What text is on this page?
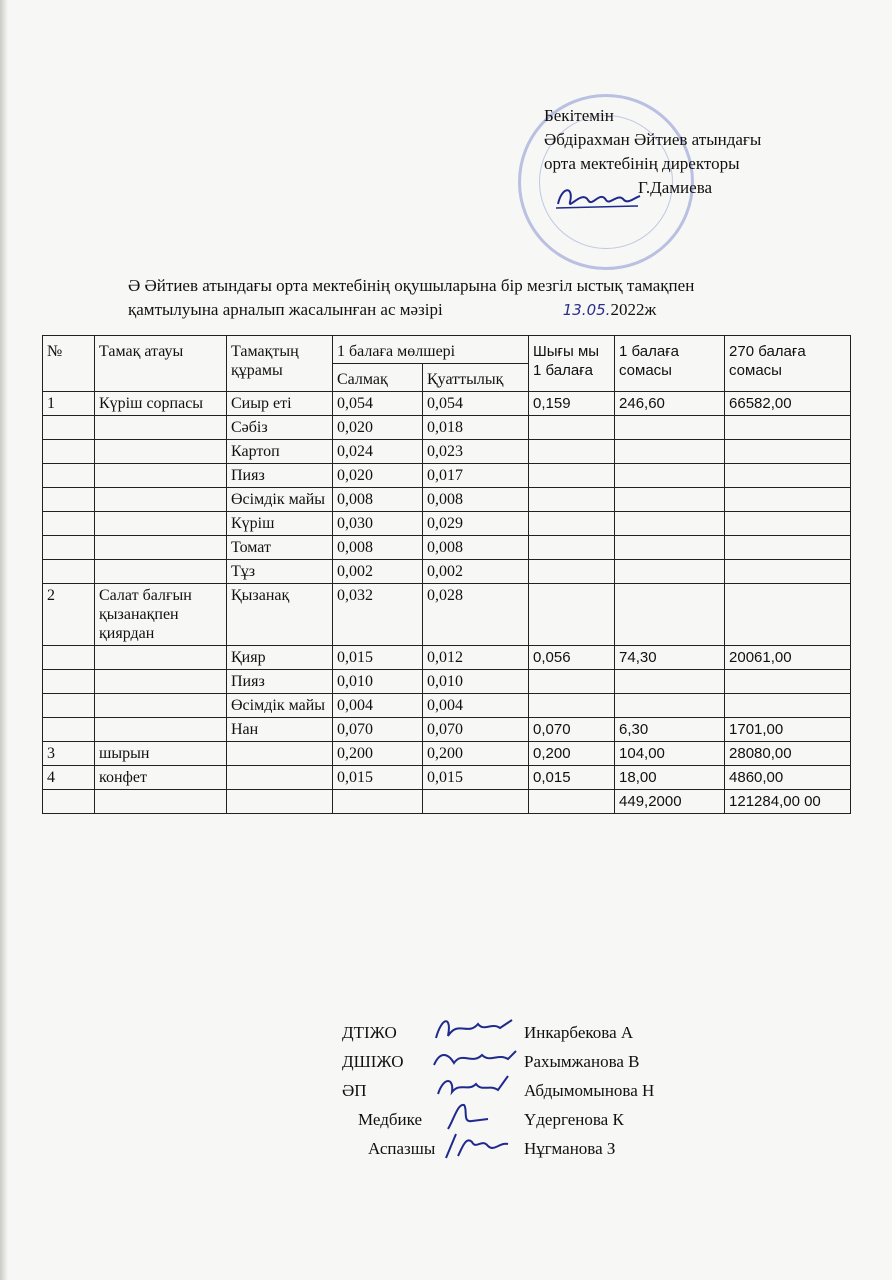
Бекітемін
Әбдірахман Әйтиев атындағы
орта мектебінің директоры
Г.Дамиева
Ә Әйтиев атындағы орта мектебінің оқушыларына бір мезгіл ыстық тамақпен
қамтылуына арналып жасалынған ас мәзірі	13.05.2022ж
№	Тамақ атауы	Тамақтың құрамы	1 балаға мөлшері		Шығы мы 1 балаға	1 балаға сомасы	270 балаға сомасы
			Салмақ	Қуаттылық			
1	Күріш сорпасы	Сиыр еті	0,054	0,054	0,159	246,60	66582,00
		Сәбіз	0,020	0,018			
		Картоп	0,024	0,023			
		Пияз	0,020	0,017			
		Өсімдік майы	0,008	0,008			
		Күріш	0,030	0,029			
		Томат	0,008	0,008			
		Тұз	0,002	0,002			
2	Салат балғын қызанақпен қиярдан	Қызанақ	0,032	0,028			
		Қияр	0,015	0,012	0,056	74,30	20061,00
		Пияз	0,010	0,010			
		Өсімдік майы	0,004	0,004			
		Нан	0,070	0,070	0,070	6,30	1701,00
3	шырын		0,200	0,200	0,200	104,00	28080,00
4	конфет		0,015	0,015	0,015	18,00	4860,00
						449,2000	121284,00 00
ДТІЖО	Инкарбекова А
ДШІЖО	Рахымжанова В
ӘП	Абдымомынова Н
Медбике	Үдергенова К
Аспазшы	Нұгманова З
